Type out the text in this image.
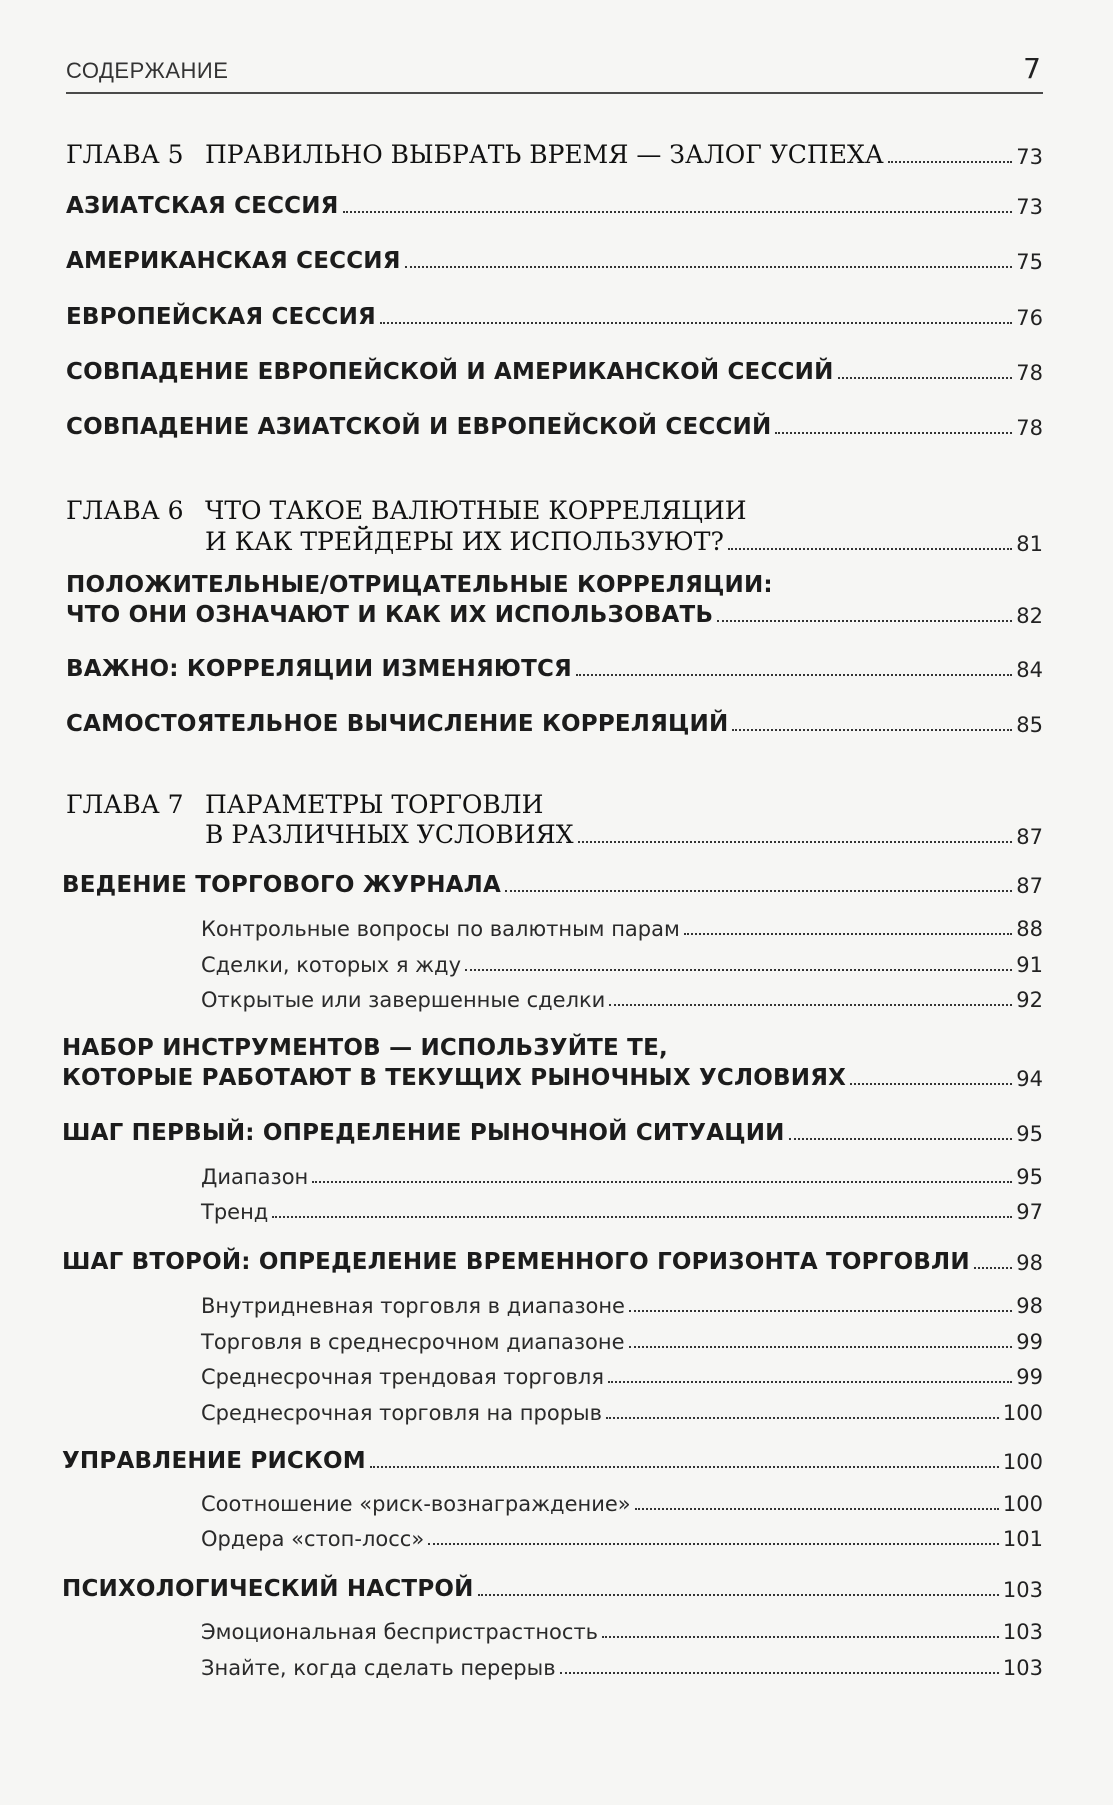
СОДЕРЖАНИЕ	7
ГЛАВА 5 ПРАВИЛЬНО ВЫБРАТЬ ВРЕМЯ — ЗАЛОГ УСПЕХА	73
АЗИАТСКАЯ СЕССИЯ	73
АМЕРИКАНСКАЯ СЕССИЯ	75
ЕВРОПЕЙСКАЯ СЕССИЯ	76
СОВПАДЕНИЕ ЕВРОПЕЙСКОЙ И АМЕРИКАНСКОЙ СЕССИЙ	78
СОВПАДЕНИЕ АЗИАТСКОЙ И ЕВРОПЕЙСКОЙ СЕССИЙ	78
ГЛАВА 6 ЧТО ТАКОЕ ВАЛЮТНЫЕ КОРРЕЛЯЦИИ
И КАК ТРЕЙДЕРЫ ИХ ИСПОЛЬЗУЮТ?	81
ПОЛОЖИТЕЛЬНЫЕ/ОТРИЦАТЕЛЬНЫЕ КОРРЕЛЯЦИИ:
ЧТО ОНИ ОЗНАЧАЮТ И КАК ИХ ИСПОЛЬЗОВАТЬ	82
ВАЖНО: КОРРЕЛЯЦИИ ИЗМЕНЯЮТСЯ	84
САМОСТОЯТЕЛЬНОЕ ВЫЧИСЛЕНИЕ КОРРЕЛЯЦИЙ	85
ГЛАВА 7 ПАРАМЕТРЫ ТОРГОВЛИ
В РАЗЛИЧНЫХ УСЛОВИЯХ	87
ВЕДЕНИЕ ТОРГОВОГО ЖУРНАЛА	87
Контрольные вопросы по валютным парам	88
Сделки, которых я жду	91
Открытые или завершенные сделки	92
НАБОР ИНСТРУМЕНТОВ — ИСПОЛЬЗУЙТЕ ТЕ,
КОТОРЫЕ РАБОТАЮТ В ТЕКУЩИХ РЫНОЧНЫХ УСЛОВИЯХ	94
ШАГ ПЕРВЫЙ: ОПРЕДЕЛЕНИЕ РЫНОЧНОЙ СИТУАЦИИ	95
Диапазон	95
Тренд	97
ШАГ ВТОРОЙ: ОПРЕДЕЛЕНИЕ ВРЕМЕННОГО ГОРИЗОНТА ТОРГОВЛИ 98
Внутридневная торговля в диапазоне	98
Торговля в среднесрочном диапазоне	99
Среднесрочная трендовая торговля	99
Среднесрочная торговля на прорыв	100
УПРАВЛЕНИЕ РИСКОМ	100
Соотношение «риск-вознаграждение»	100
Ордера «стоп-лосс»	101
ПСИХОЛОГИЧЕСКИЙ НАСТРОЙ	103
Эмоциональная беспристрастность	103
Знайте, когда сделать перерыв	103
